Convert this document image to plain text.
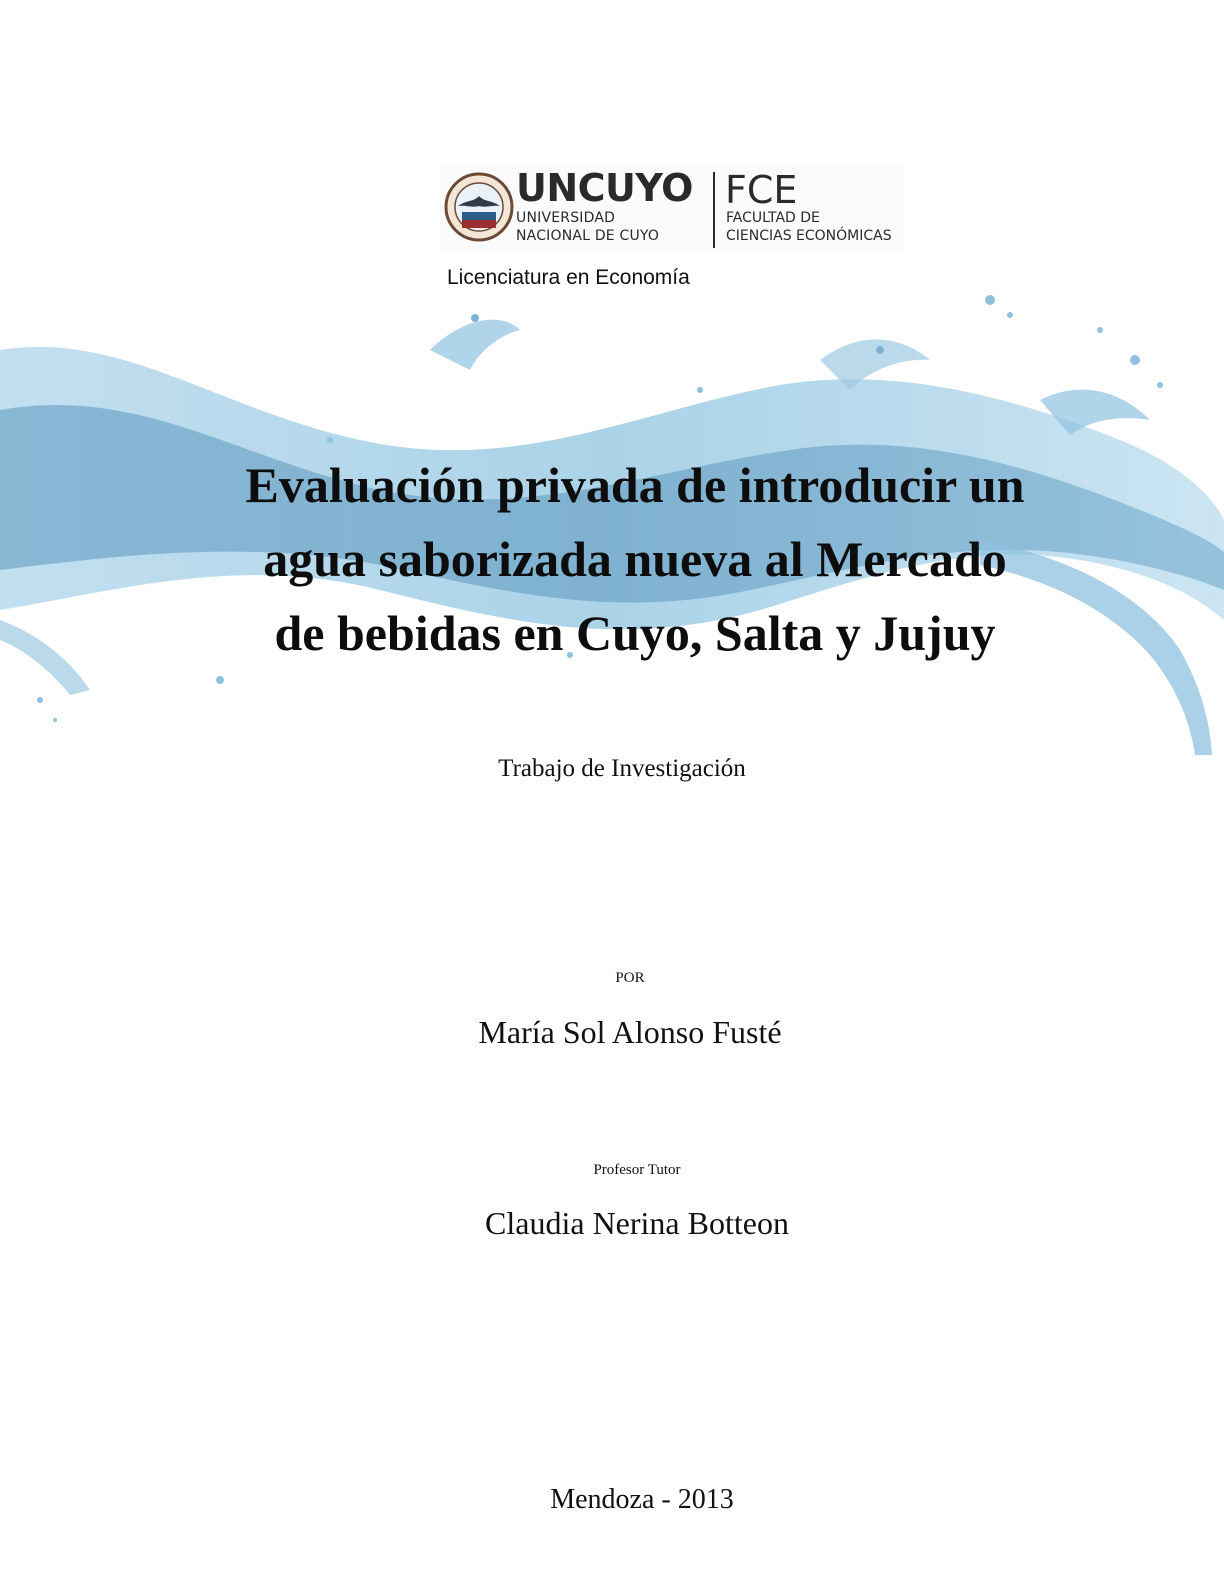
UNCUYO
UNIVERSIDAD
NACIONAL DE CUYO
FCE
FACULTAD DE
CIENCIAS ECONÓMICAS
Licenciatura en Economía
Evaluación privada de introducir un
agua saborizada nueva al Mercado
de bebidas en Cuyo, Salta y Jujuy
Trabajo de Investigación
POR
María Sol Alonso Fusté
Profesor Tutor
Claudia Nerina Botteon
Mendoza - 2013
